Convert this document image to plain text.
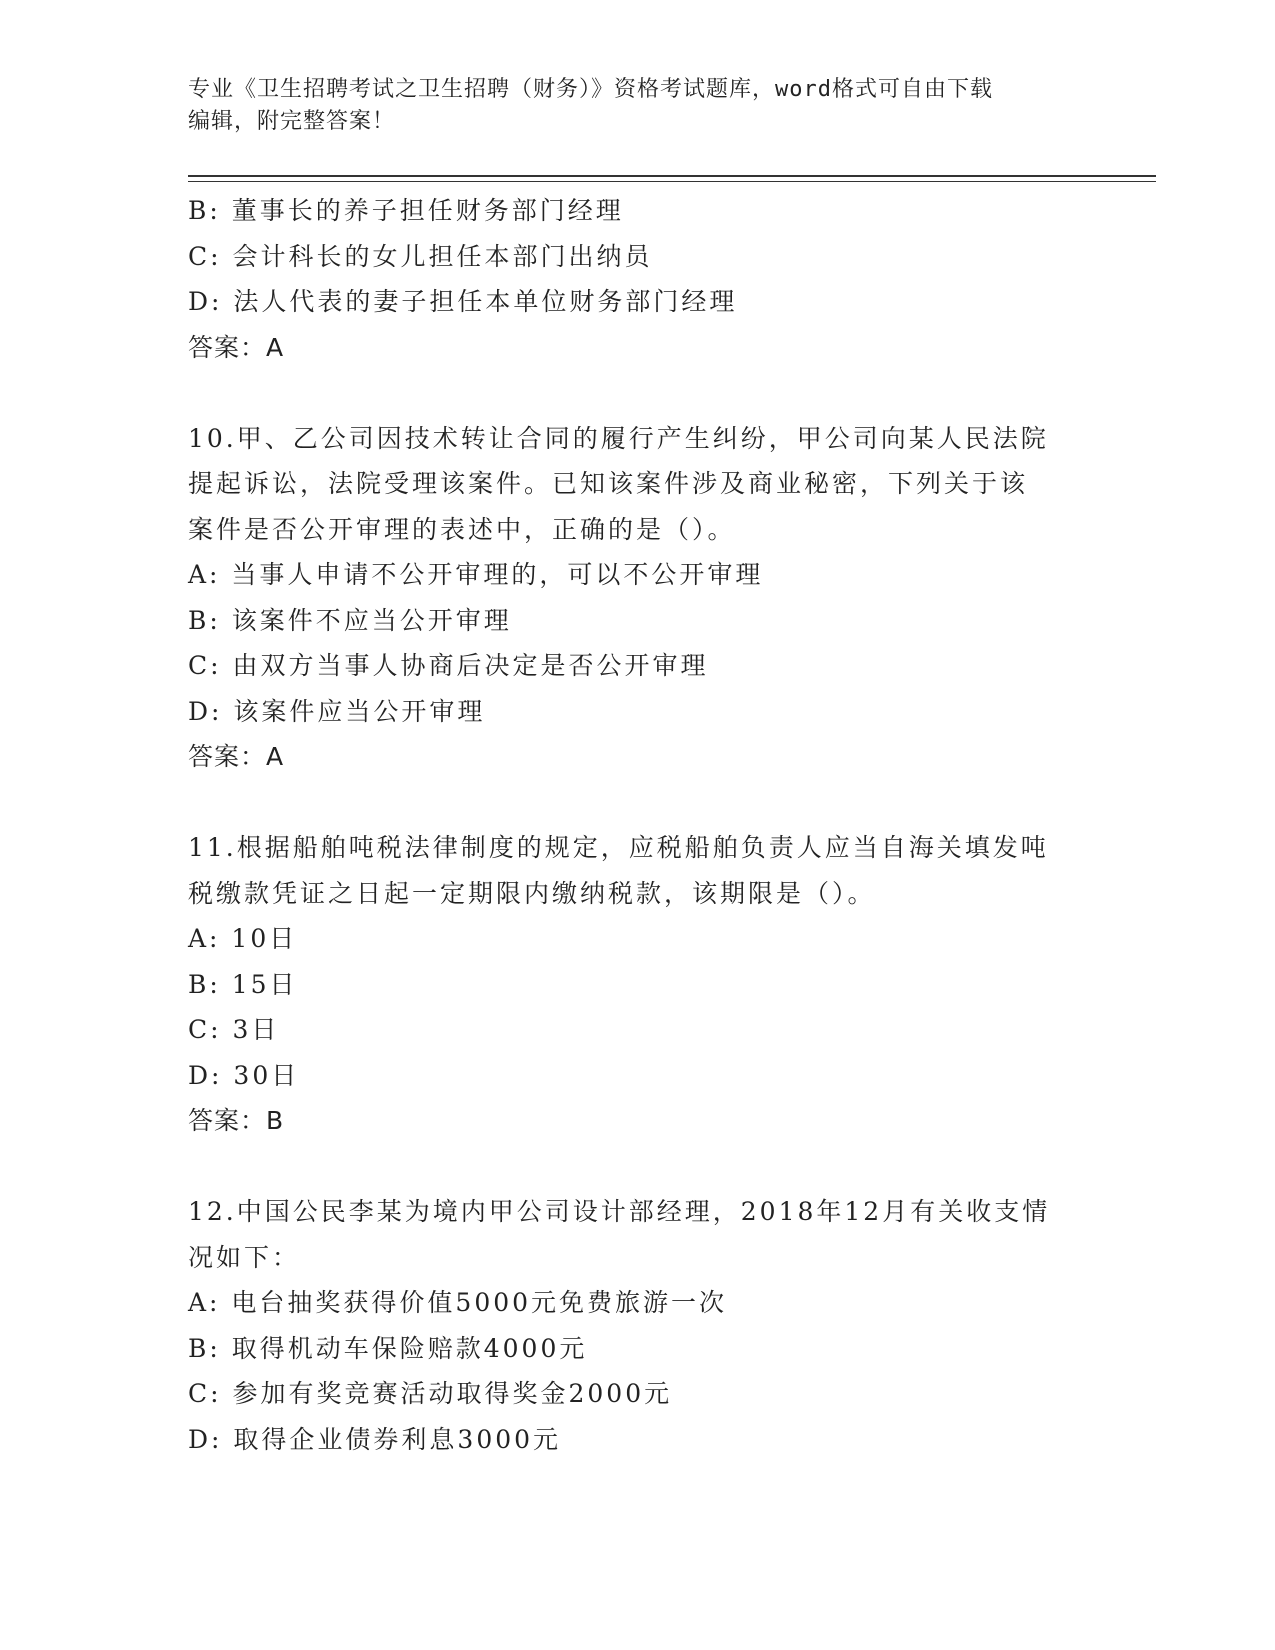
专业《卫生招聘考试之卫生招聘（财务）》资格考试题库，word格式可自由下载
编辑，附完整答案！
B: 董事长的养子担任财务部门经理
C: 会计科长的女儿担任本部门出纳员
D: 法人代表的妻子担任本单位财务部门经理
答案：A
10.甲、乙公司因技术转让合同的履行产生纠纷，甲公司向某人民法院
提起诉讼，法院受理该案件。已知该案件涉及商业秘密，下列关于该
案件是否公开审理的表述中，正确的是（）。
A: 当事人申请不公开审理的，可以不公开审理
B: 该案件不应当公开审理
C: 由双方当事人协商后决定是否公开审理
D: 该案件应当公开审理
答案：A
11.根据船舶吨税法律制度的规定，应税船舶负责人应当自海关填发吨
税缴款凭证之日起一定期限内缴纳税款，该期限是（）。
A: 10日
B: 15日
C: 3日
D: 30日
答案：B
12.中国公民李某为境内甲公司设计部经理，2018年12月有关收支情
况如下：
A: 电台抽奖获得价值5000元免费旅游一次
B: 取得机动车保险赔款4000元
C: 参加有奖竞赛活动取得奖金2000元
D: 取得企业债券利息3000元
